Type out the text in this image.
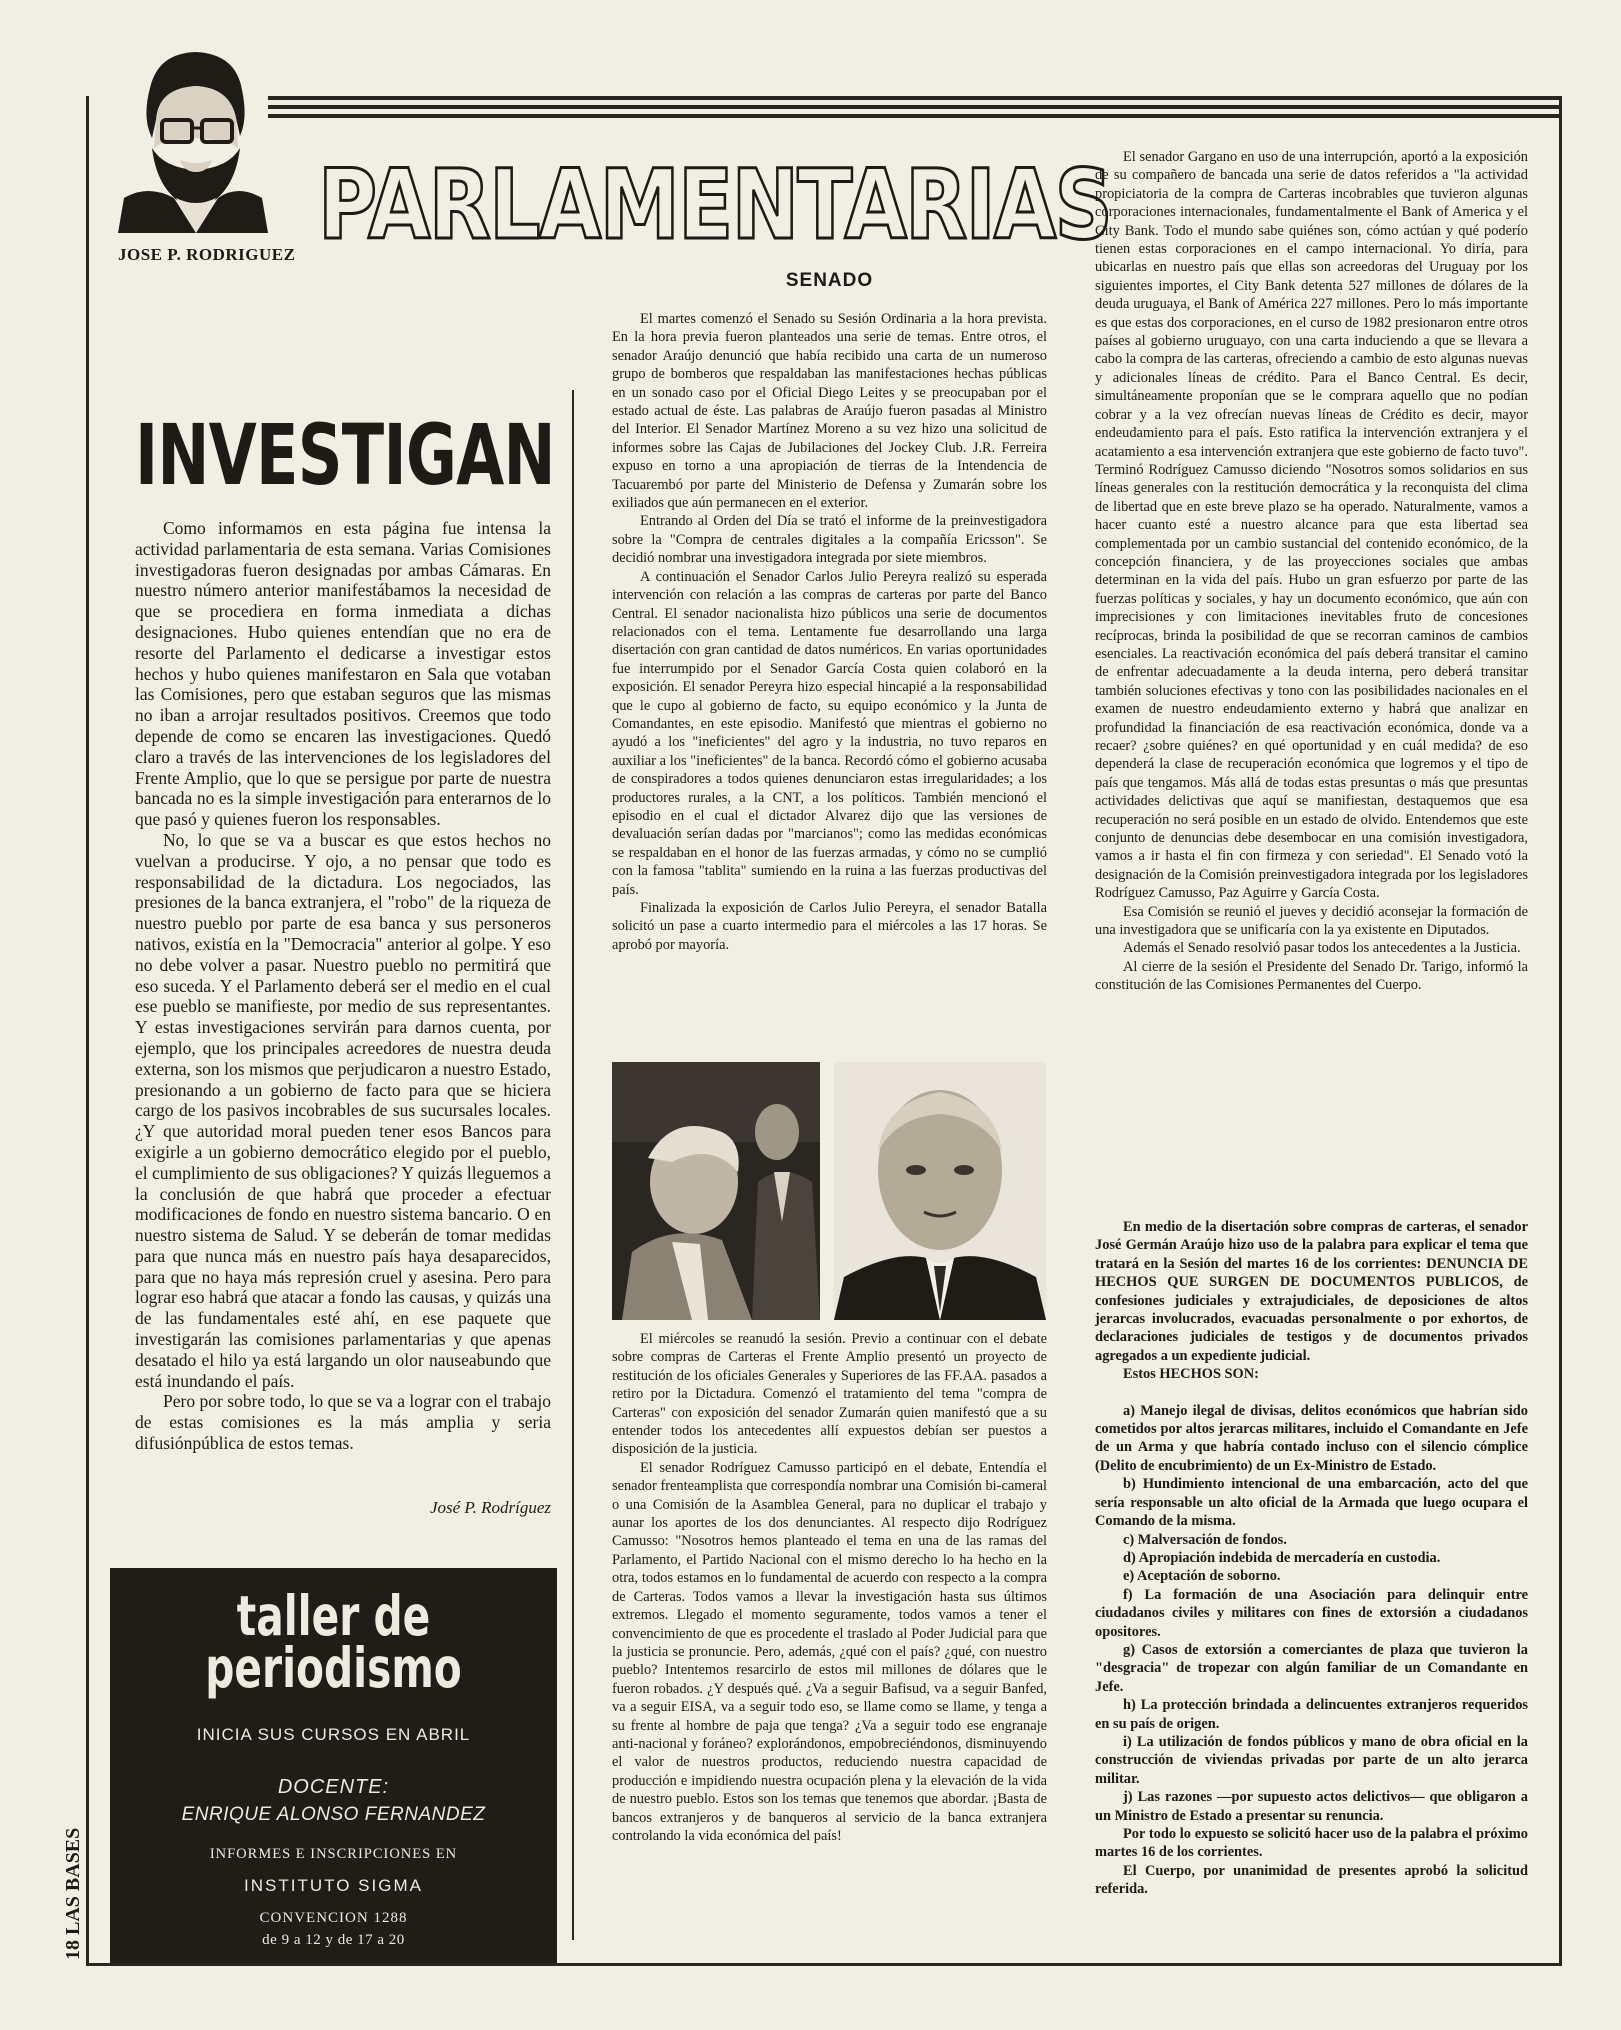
JOSE P. RODRIGUEZ PARLAMENTARIAS
SENADO
INVESTIGAN

Como informamos en esta página fue intensa la actividad parlamentaria de esta semana. Varias Comisiones investigadoras fueron designadas por ambas Cámaras. En nuestro número anterior manifestábamos la necesidad de que se procediera en forma inmediata a dichas designaciones. Hubo quienes entendían que no era de resorte del Parlamento el dedicarse a investigar estos hechos y hubo quienes manifestaron en Sala que votaban las Comisiones, pero que estaban seguros que las mismas no iban a arrojar resultados positivos. Creemos que todo depende de como se encaren las investigaciones. Quedó claro a través de las intervenciones de los legisladores del Frente Amplio, que lo que se persigue por parte de nuestra bancada no es la simple investigación para enterarnos de lo que pasó y quienes fueron los responsables.

No, lo que se va a buscar es que estos hechos no vuelvan a producirse. Y ojo, a no pensar que todo es responsabilidad de la dictadura. Los negociados, las presiones de la banca extranjera, el "robo" de la riqueza de nuestro pueblo por parte de esa banca y sus personeros nativos, existía en la "Democracia" anterior al golpe. Y eso no debe volver a pasar. Nuestro pueblo no permitirá que eso suceda. Y el Parlamento deberá ser el medio en el cual ese pueblo se manifieste, por medio de sus representantes. Y estas investigaciones servirán para darnos cuenta, por ejemplo, que los principales acreedores de nuestra deuda externa, son los mismos que perjudicaron a nuestro Estado, presionando a un gobierno de facto para que se hiciera cargo de los pasivos incobrables de sus sucursales locales. ¿Y que autoridad moral pueden tener esos Bancos para exigirle a un gobierno democrático elegido por el pueblo, el cumplimiento de sus obligaciones? Y quizás lleguemos a la conclusión de que habrá que proceder a efectuar modificaciones de fondo en nuestro sistema bancario. O en nuestro sistema de Salud. Y se deberán de tomar medidas para que nunca más en nuestro país haya desaparecidos, para que no haya más represión cruel y asesina. Pero para lograr eso habrá que atacar a fondo las causas, y quizás una de las fundamentales esté ahí, en ese paquete que investigarán las comisiones parlamentarias y que apenas desatado el hilo ya está largando un olor nauseabundo que está inundando el país.

Pero por sobre todo, lo que se va a lograr con el trabajo de estas comisiones es la más amplia y seria difusiónpública de estos temas.

José P. Rodríguez

El martes comenzó el Senado su Sesión Ordinaria a la hora prevista. En la hora previa fueron planteados una serie de temas. Entre otros, el senador Araújo denunció que había recibido una carta de un numeroso grupo de bomberos que respaldaban las manifestaciones hechas públicas en un sonado caso por el Oficial Diego Leites y se preocupaban por el estado actual de éste. Las palabras de Araújo fueron pasadas al Ministro del Interior. El Senador Martínez Moreno a su vez hizo una solicitud de informes sobre las Cajas de Jubilaciones del Jockey Club. J.R. Ferreira expuso en torno a una apropiación de tierras de la Intendencia de Tacuarembó por parte del Ministerio de Defensa y Zumarán sobre los exiliados que aún permanecen en el exterior.

Entrando al Orden del Día se trató el informe de la preinvestigadora sobre la "Compra de centrales digitales a la compañía Ericsson". Se decidió nombrar una investigadora integrada por siete miembros.

A continuación el Senador Carlos Julio Pereyra realizó su esperada intervención con relación a las compras de carteras por parte del Banco Central. El senador nacionalista hizo públicos una serie de documentos relacionados con el tema. Lentamente fue desarrollando una larga disertación con gran cantidad de datos numéricos. En varias oportunidades fue interrumpido por el Senador García Costa quien colaboró en la exposición. El senador Pereyra hizo especial hincapié a la responsabilidad que le cupo al gobierno de facto, su equipo económico y la Junta de Comandantes, en este episodio. Manifestó que mientras el gobierno no ayudó a los "ineficientes" del agro y la industria, no tuvo reparos en auxiliar a los "ineficientes" de la banca. Recordó cómo el gobierno acusaba de conspiradores a todos quienes denunciaron estas irregularidades; a los productores rurales, a la CNT, a los políticos. También mencionó el episodio en el cual el dictador Alvarez dijo que las versiones de devaluación serían dadas por "marcianos"; como las medidas económicas se respaldaban en el honor de las fuerzas armadas, y cómo no se cumplió con la famosa "tablita" sumiendo en la ruina a las fuerzas productivas del país.

Finalizada la exposición de Carlos Julio Pereyra, el senador Batalla solicitó un pase a cuarto intermedio para el miércoles a las 17 horas. Se aprobó por mayoría.

El miércoles se reanudó la sesión. Previo a continuar con el debate sobre compras de Carteras el Frente Amplio presentó un proyecto de restitución de los oficiales Generales y Superiores de las FF.AA. pasados a retiro por la Dictadura. Comenzó el tratamiento del tema "compra de Carteras" con exposición del senador Zumarán quien manifestó que a su entender todos los antecedentes allí expuestos debían ser puestos a disposición de la justicia.

El senador Rodríguez Camusso participó en el debate, Entendía el senador frenteamplista que correspondía nombrar una Comisión bi-cameral o una Comisión de la Asamblea General, para no duplicar el trabajo y aunar los aportes de los dos denunciantes. Al respecto dijo Rodríguez Camusso: "Nosotros hemos planteado el tema en una de las ramas del Parlamento, el Partido Nacional con el mismo derecho lo ha hecho en la otra, todos estamos en lo fundamental de acuerdo con respecto a la compra de Carteras. Todos vamos a llevar la investigación hasta sus últimos extremos. Llegado el momento seguramente, todos vamos a tener el convencimiento de que es procedente el traslado al Poder Judicial para que la justicia se pronuncie. Pero, además, ¿qué con el país? ¿qué, con nuestro pueblo? Intentemos resarcirlo de estos mil millones de dólares que le fueron robados. ¿Y después qué. ¿Va a seguir Bafisud, va a seguir Banfed, va a seguir EISA, va a seguir todo eso, se llame como se llame, y tenga a su frente al hombre de paja que tenga? ¿Va a seguir todo ese engranaje anti-nacional y foráneo? explorándonos, empobreciéndonos, disminuyendo el valor de nuestros productos, reduciendo nuestra capacidad de producción e impidiendo nuestra ocupación plena y la elevación de la vida de nuestro pueblo. Estos son los temas que tenemos que abordar. ¡Basta de bancos extranjeros y de banqueros al servicio de la banca extranjera controlando la vida económica del país!

El senador Gargano en uso de una interrupción, aportó a la exposición de su compañero de bancada una serie de datos referidos a "la actividad propiciatoria de la compra de Carteras incobrables que tuvieron algunas corporaciones internacionales, fundamentalmente el Bank of America y el City Bank. Todo el mundo sabe quiénes son, cómo actúan y qué poderío tienen estas corporaciones en el campo internacional. Yo diría, para ubicarlas en nuestro país que ellas son acreedoras del Uruguay por los siguientes importes, el City Bank detenta 527 millones de dólares de la deuda uruguaya, el Bank of América 227 millones. Pero lo más importante es que estas dos corporaciones, en el curso de 1982 presionaron entre otros países al gobierno uruguayo, con una carta induciendo a que se llevara a cabo la compra de las carteras, ofreciendo a cambio de esto algunas nuevas y adicionales líneas de crédito. Para el Banco Central. Es decir, simultáneamente proponían que se le comprara aquello que no podían cobrar y a la vez ofrecían nuevas líneas de Crédito es decir, mayor endeudamiento para el país. Esto ratifica la intervención extranjera y el acatamiento a esa intervención extranjera que este gobierno de facto tuvo". Terminó Rodríguez Camusso diciendo "Nosotros somos solidarios en sus líneas generales con la restitución democrática y la reconquista del clima de libertad que en este breve plazo se ha operado. Naturalmente, vamos a hacer cuanto esté a nuestro alcance para que esta libertad sea complementada por un cambio sustancial del contenido económico, de la concepción financiera, y de las proyecciones sociales que ambas determinan en la vida del país. Hubo un gran esfuerzo por parte de las fuerzas políticas y sociales, y hay un documento económico, que aún con imprecisiones y con limitaciones inevitables fruto de concesiones recíprocas, brinda la posibilidad de que se recorran caminos de cambios esenciales. La reactivación económica del país deberá transitar el camino de enfrentar adecuadamente a la deuda interna, pero deberá transitar también soluciones efectivas y tono con las posibilidades nacionales en el examen de nuestro endeudamiento externo y habrá que analizar en profundidad la financiación de esa reactivación económica, donde va a recaer? ¿sobre quiénes? en qué oportunidad y en cuál medida? de eso dependerá la clase de recuperación económica que logremos y el tipo de país que tengamos. Más allá de todas estas presuntas o más que presuntas actividades delictivas que aquí se manifiestan, destaquemos que esa recuperación no será posible en un estado de olvido. Entendemos que este conjunto de denuncias debe desembocar en una comisión investigadora, vamos a ir hasta el fin con firmeza y con seriedad". El Senado votó la designación de la Comisión preinvestigadora integrada por los legisladores Rodríguez Camusso, Paz Aguirre y García Costa.

Esa Comisión se reunió el jueves y decidió aconsejar la formación de una investigadora que se unificaría con la ya existente en Diputados.

Además el Senado resolvió pasar todos los antecedentes a la Justicia.

Al cierre de la sesión el Presidente del Senado Dr. Tarigo, informó la constitución de las Comisiones Permanentes del Cuerpo.

En medio de la disertación sobre compras de carteras, el senador José Germán Araújo hizo uso de la palabra para explicar el tema que tratará en la Sesión del martes 16 de los corrientes: DENUNCIA DE HECHOS QUE SURGEN DE DOCUMENTOS PUBLICOS, de confesiones judiciales y extrajudiciales, de deposiciones de altos jerarcas involucrados, evacuadas personalmente o por exhortos, de declaraciones judiciales de testigos y de documentos privados agregados a un expediente judicial.

Estos HECHOS SON:

a) Manejo ilegal de divisas, delitos económicos que habrían sido cometidos por altos jerarcas militares, incluido el Comandante en Jefe de un Arma y que habría contado incluso con el silencio cómplice (Delito de encubrimiento) de un Ex-Ministro de Estado.

b) Hundimiento intencional de una embarcación, acto del que sería responsable un alto oficial de la Armada que luego ocupara el Comando de la misma.

c) Malversación de fondos.

d) Apropiación indebida de mercadería en custodia.

e) Aceptación de soborno.

f) La formación de una Asociación para delinquir entre ciudadanos civiles y militares con fines de extorsión a ciudadanos opositores.

g) Casos de extorsión a comerciantes de plaza que tuvieron la "desgracia" de tropezar con algún familiar de un Comandante en Jefe.

h) La protección brindada a delincuentes extranjeros requeridos en su país de origen.

i) La utilización de fondos públicos y mano de obra oficial en la construcción de viviendas privadas por parte de un alto jerarca militar.

j) Las razones —por supuesto actos delictivos— que obligaron a un Ministro de Estado a presentar su renuncia.

Por todo lo expuesto se solicitó hacer uso de la palabra el próximo martes 16 de los corrientes.

El Cuerpo, por unanimidad de presentes aprobó la solicitud referida.

taller de
periodismo
INICIA SUS CURSOS EN ABRIL
DOCENTE:
ENRIQUE ALONSO FERNANDEZ
INFORMES E INSCRIPCIONES EN
INSTITUTO SIGMA
CONVENCION 1288
de 9 a 12 y de 17 a 20
18 LAS BASES
